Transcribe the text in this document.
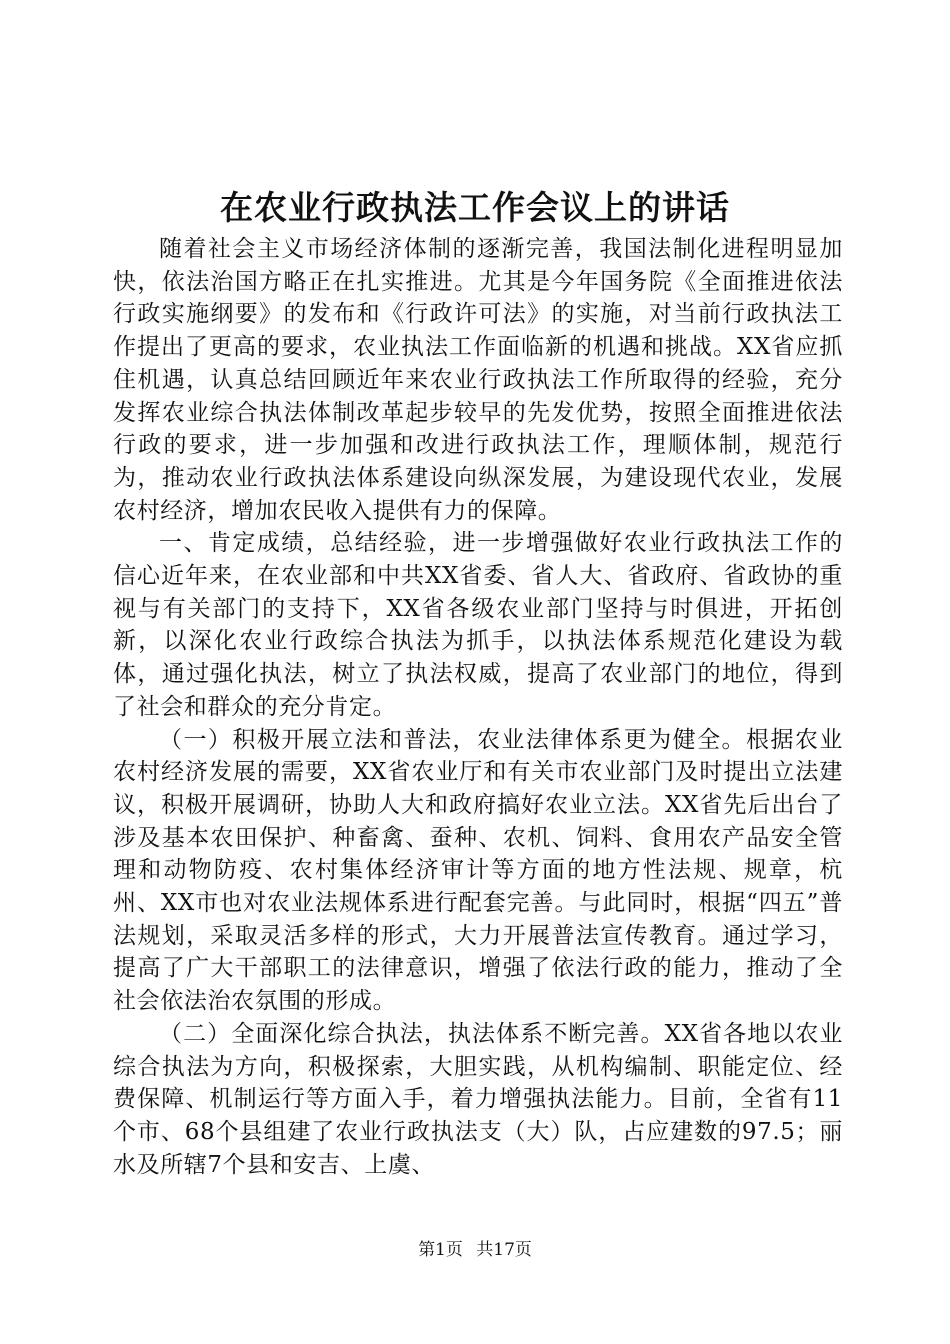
在农业行政执法工作会议上的讲话

随着社会主义市场经济体制的逐渐完善，我国法制化进程明显加快，依法治国方略正在扎实推进。尤其是今年国务院《全面推进依法行政实施纲要》的发布和《行政许可法》的实施，对当前行政执法工作提出了更高的要求，农业执法工作面临新的机遇和挑战。XX省应抓住机遇，认真总结回顾近年来农业行政执法工作所取得的经验，充分发挥农业综合执法体制改革起步较早的先发优势，按照全面推进依法行政的要求，进一步加强和改进行政执法工作，理顺体制，规范行为，推动农业行政执法体系建设向纵深发展，为建设现代农业，发展农村经济，增加农民收入提供有力的保障。

一、肯定成绩，总结经验，进一步增强做好农业行政执法工作的信心近年来，在农业部和中共XX省委、省人大、省政府、省政协的重视与有关部门的支持下，XX省各级农业部门坚持与时俱进，开拓创新，以深化农业行政综合执法为抓手，以执法体系规范化建设为载体，通过强化执法，树立了执法权威，提高了农业部门的地位，得到了社会和群众的充分肯定。

（一）积极开展立法和普法，农业法律体系更为健全。根据农业农村经济发展的需要，XX省农业厅和有关市农业部门及时提出立法建议，积极开展调研，协助人大和政府搞好农业立法。XX省先后出台了涉及基本农田保护、种畜禽、蚕种、农机、饲料、食用农产品安全管理和动物防疫、农村集体经济审计等方面的地方性法规、规章，杭州、XX市也对农业法规体系进行配套完善。与此同时，根据“四五”普法规划，采取灵活多样的形式，大力开展普法宣传教育。通过学习，提高了广大干部职工的法律意识，增强了依法行政的能力，推动了全社会依法治农氛围的形成。

（二）全面深化综合执法，执法体系不断完善。XX省各地以农业综合执法为方向，积极探索，大胆实践，从机构编制、职能定位、经费保障、机制运行等方面入手，着力增强执法能力。目前，全省有11个市、68个县组建了农业行政执法支（大）队，占应建数的97.5；丽水及所辖7个县和安吉、上虞、

第1页 共17页
